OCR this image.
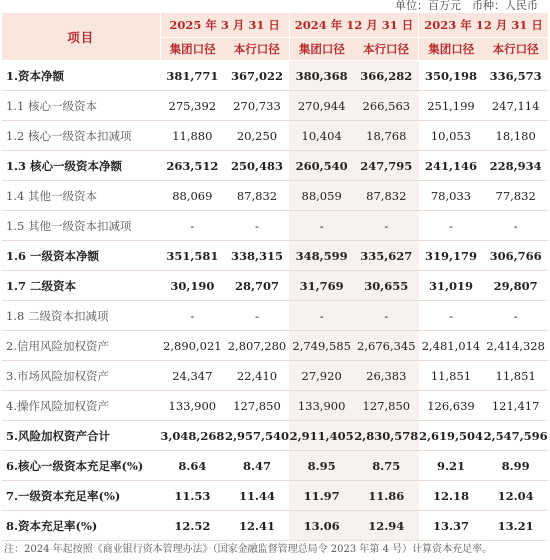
单位：百万元　币种：人民币
项目	2025 年 3 月 31 日		2024 年 12 月 31 日		2023 年 12 月 31 日	
	集团口径	本行口径	集团口径	本行口径	集团口径	本行口径
1.资本净额	381,771	367,022	380,368	366,282	350,198	336,573
1.1 核心一级资本	275,392	270,733	270,944	266,563	251,199	247,114
1.2 核心一级资本扣减项	11,880	20,250	10,404	18,768	10,053	18,180
1.3 核心一级资本净额	263,512	250,483	260,540	247,795	241,146	228,934
1.4 其他一级资本	88,069	87,832	88,059	87,832	78,033	77,832
1.5 其他一级资本扣减项	-	-	-	-	-	-
1.6 一级资本净额	351,581	338,315	348,599	335,627	319,179	306,766
1.7 二级资本	30,190	28,707	31,769	30,655	31,019	29,807
1.8 二级资本扣减项	-	-	-	-	-	-
2.信用风险加权资产	2,890,021	2,807,280	2,749,585	2,676,345	2,481,014	2,414,328
3.市场风险加权资产	24,347	22,410	27,920	26,383	11,851	11,851
4.操作风险加权资产	133,900	127,850	133,900	127,850	126,639	121,417
5.风险加权资产合计	3,048,268	2,957,540	2,911,405	2,830,578	2,619,504	2,547,596
6.核心一级资本充足率(%)	8.64	8.47	8.95	8.75	9.21	8.99
7.一级资本充足率(%)	11.53	11.44	11.97	11.86	12.18	12.04
8.资本充足率(%)	12.52	12.41	13.06	12.94	13.37	13.21
注：2024 年起按照《商业银行资本管理办法》（国家金融监督管理总局令 2023 年第 4 号）计算资本充足率。
